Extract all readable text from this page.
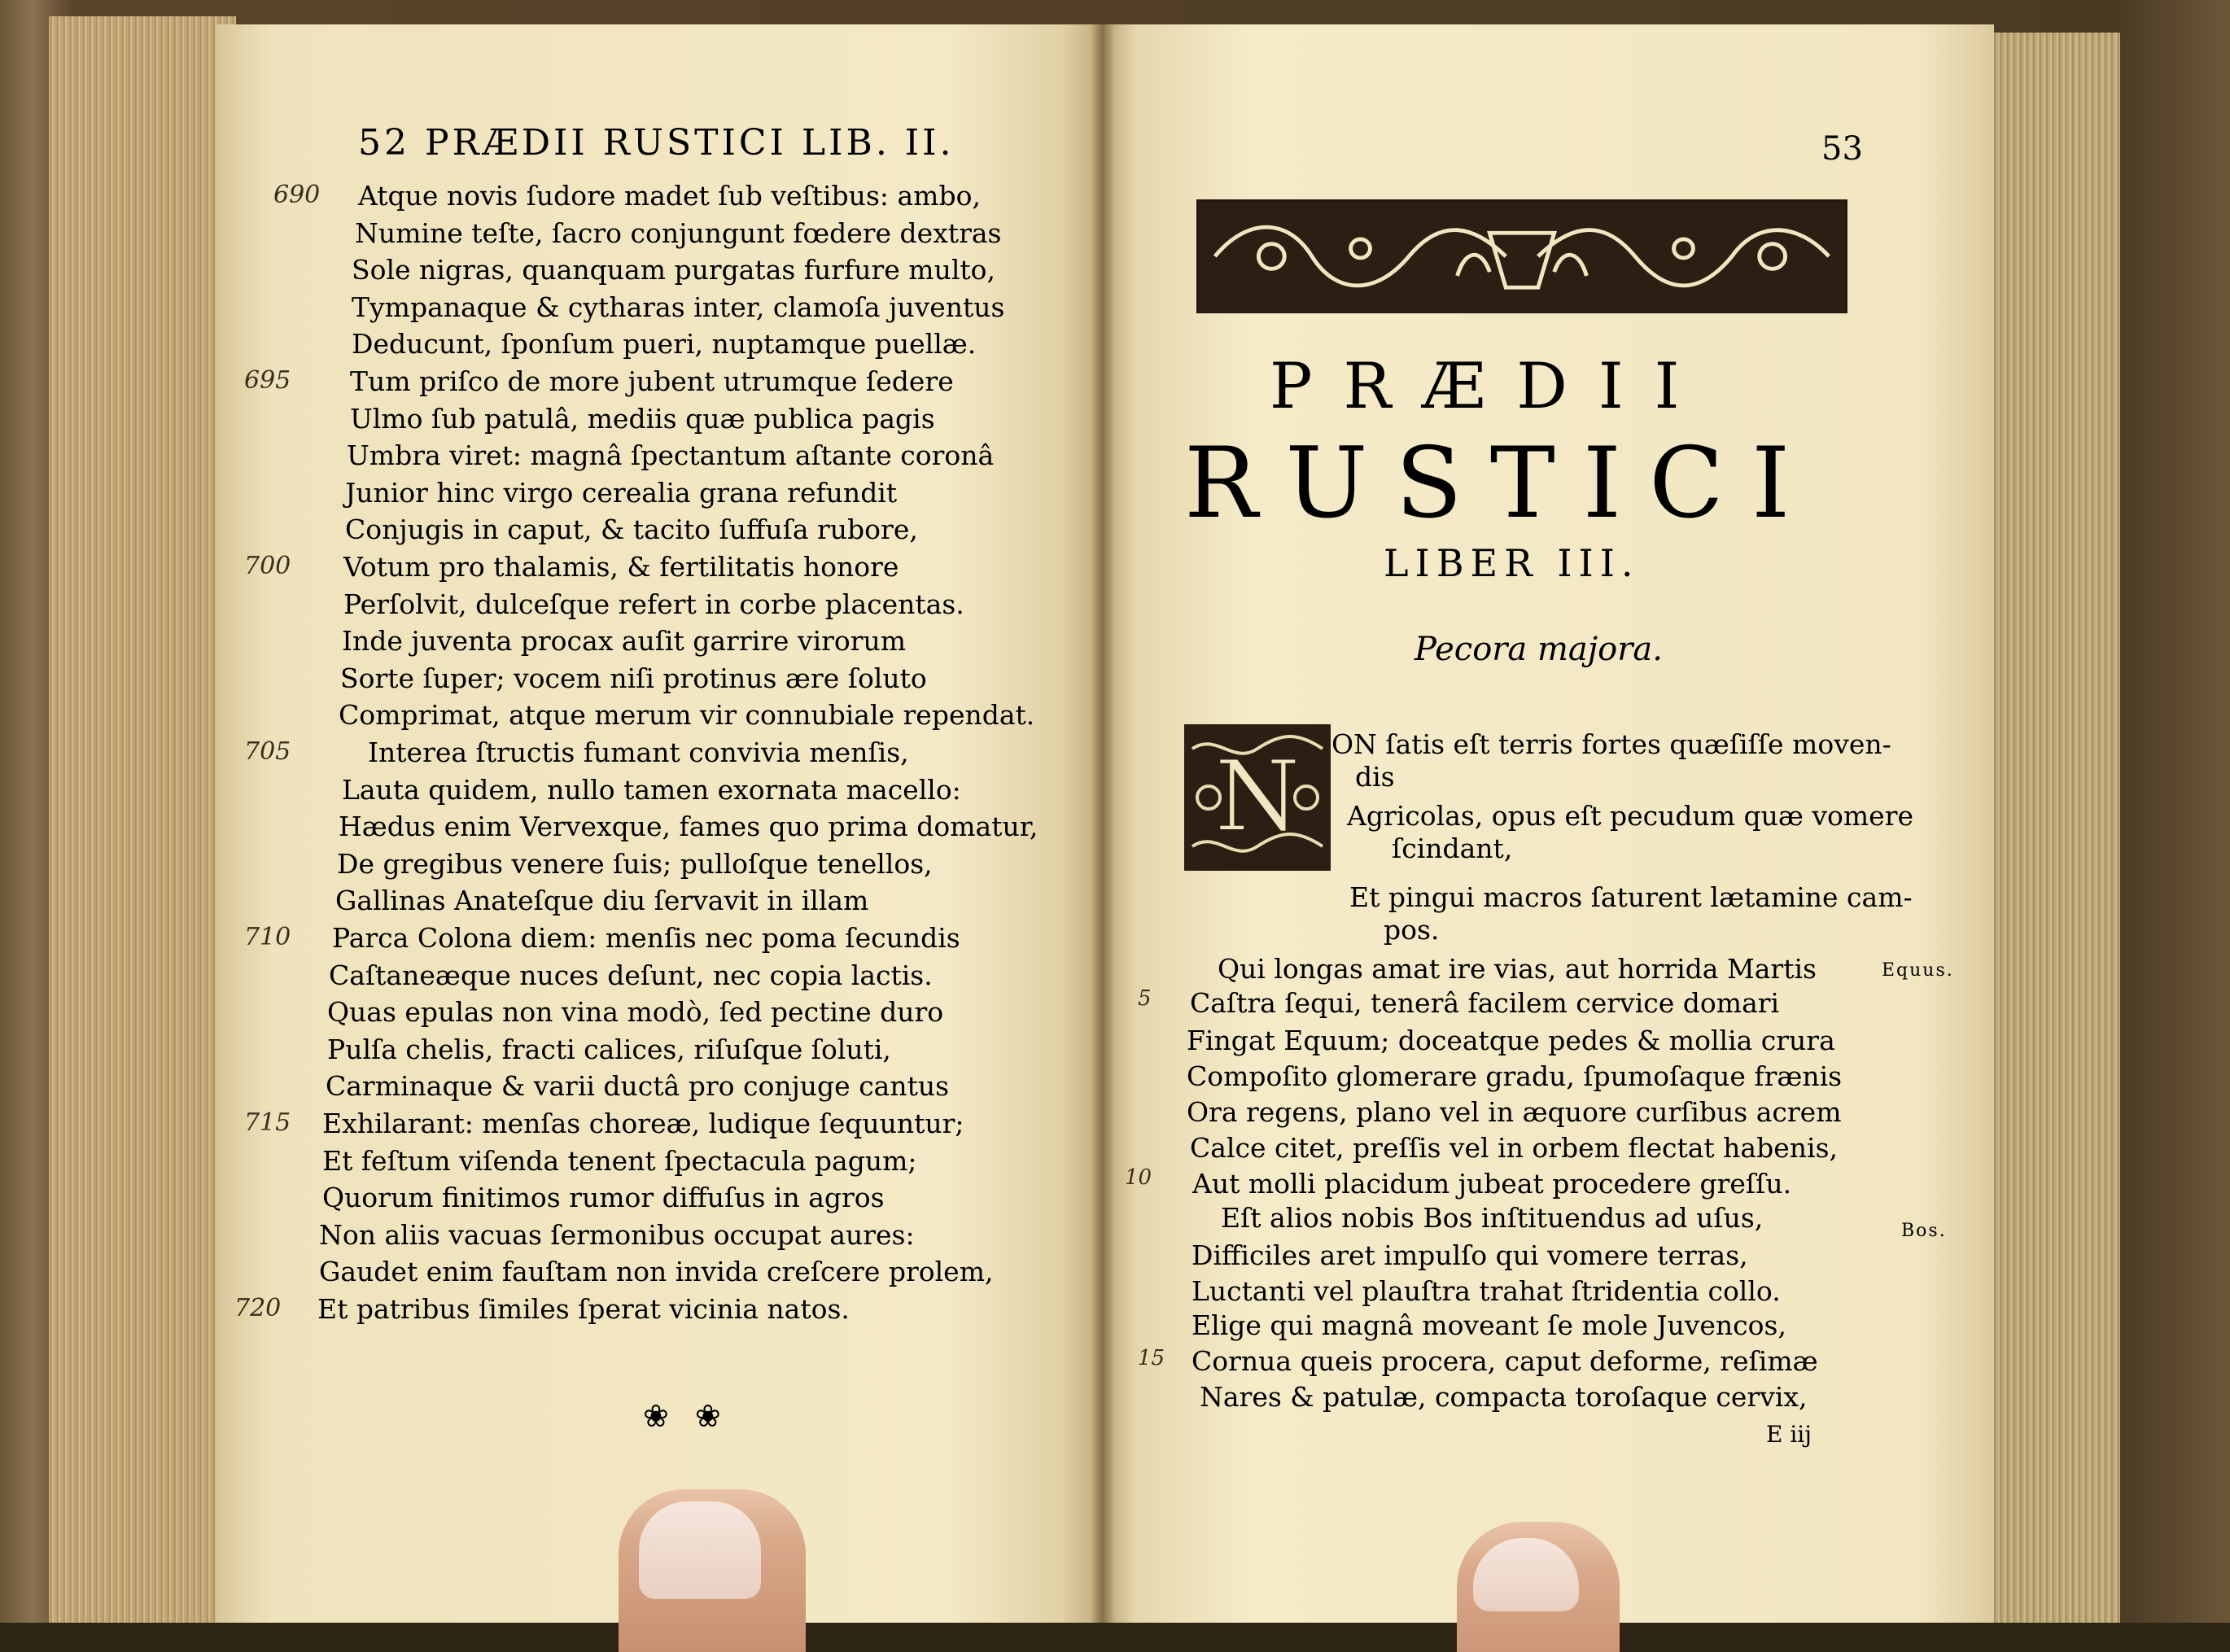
52 PRÆDII RUSTICI LIB. II.
Atque novis ſudore madet ſub veſtibus: ambo,
Numine teſte, ſacro conjungunt fœdere dextras
Sole nigras, quanquam purgatas furfure multo,
Tympanaque & cytharas inter, clamoſa juventus
Deducunt, ſponſum pueri, nuptamque puellæ.
Tum priſco de more jubent utrumque ſedere
Ulmo ſub patulâ, mediis quæ publica pagis
Umbra viret: magnâ ſpectantum aſtante coronâ
Junior hinc virgo cerealia grana refundit
Conjugis in caput, & tacito ſuffuſa rubore,
Votum pro thalamis, & fertilitatis honore
Perſolvit, dulceſque refert in corbe placentas.
Inde juventa procax auſit garrire virorum
Sorte ſuper; vocem niſi protinus ære ſoluto
Comprimat, atque merum vir connubiale rependat.
Interea ſtructis fumant convivia menſis,
Lauta quidem, nullo tamen exornata macello:
Hædus enim Vervexque, fames quo prima domatur,
De gregibus venere ſuis; pulloſque tenellos,
Gallinas Anateſque diu ſervavit in illam
Parca Colona diem: menſis nec poma ſecundis
Caſtaneæque nuces deſunt, nec copia lactis.
Quas epulas non vina modò, ſed pectine duro
Pulſa chelis, fracti calices, riſuſque ſoluti,
Carminaque & varii ductâ pro conjuge cantus
Exhilarant: menſas choreæ, ludique ſequuntur;
Et feſtum viſenda tenent ſpectacula pagum;
Quorum finitimos rumor diffuſus in agros
Non aliis vacuas ſermonibus occupat aures:
Gaudet enim fauſtam non invida creſcere prolem,
Et patribus ſimiles ſperat vicinia natos.
690
695
700
705
710
715
720
❀ ❀
53
PRÆDII
RUSTICI
LIBER III.
Pecora majora.
N ON ſatis eſt terris fortes quæſiſſe moven-
dis
Agricolas, opus eſt pecudum quæ vomere
ſcindant,
Et pingui macros ſaturent lætamine cam-
pos.
Qui longas amat ire vias, aut horrida Martis
Caſtra ſequi, tenerâ facilem cervice domari
Fingat Equum; doceatque pedes & mollia crura
Compoſito glomerare gradu, ſpumoſaque frænis
Ora regens, plano vel in æquore curſibus acrem
Calce citet, preſſis vel in orbem flectat habenis,
Aut molli placidum jubeat procedere greſſu.
Eſt alios nobis Bos inſtituendus ad uſus,
Difficiles aret impulſo qui vomere terras,
Luctanti vel plauſtra trahat ſtridentia collo.
Elige qui magnâ moveant ſe mole Juvencos,
Cornua queis procera, caput deforme, reſimæ
Nares & patulæ, compacta toroſaque cervix,
5
10
15
Equus.
Bos.
E iij
